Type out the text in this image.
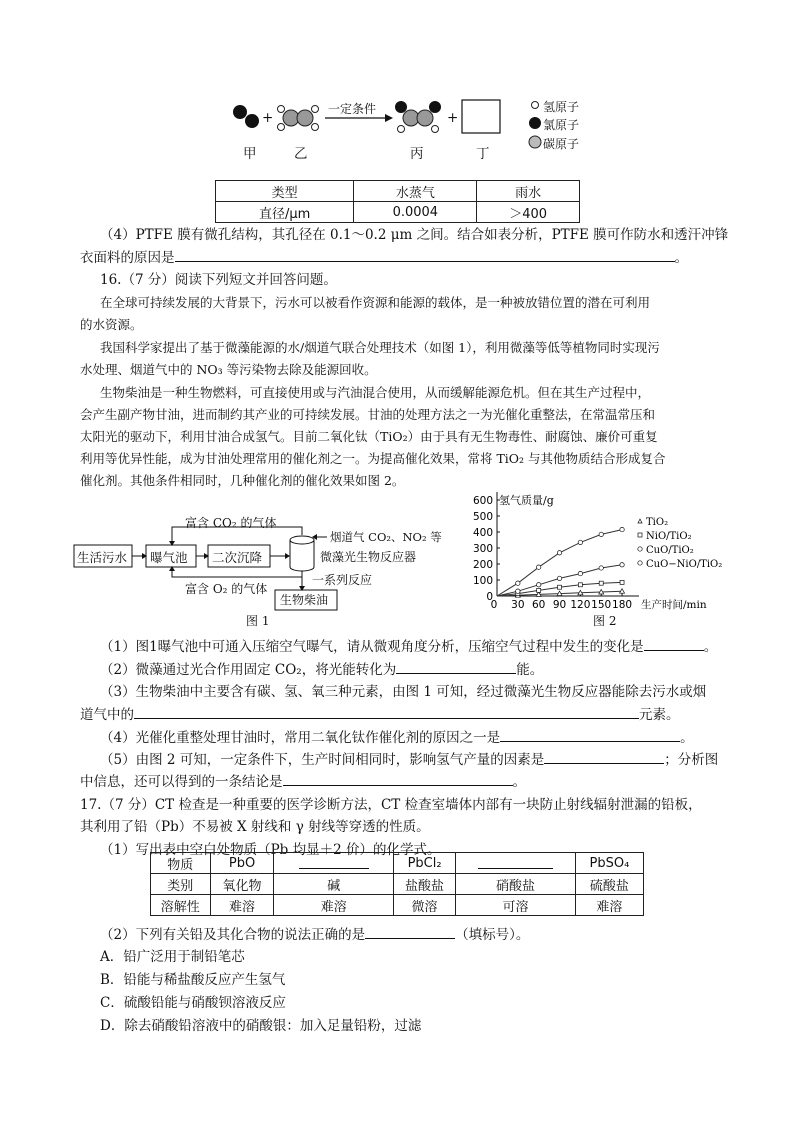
+	+
一定条件
甲	乙	丙	丁
氢原子
氯原子
碳原子
类型	水蒸气	雨水
直径/μm	0.0004	＞400
（4）PTFE 膜有微孔结构，其孔径在 0.1～0.2 μm 之间。结合如表分析，PTFE 膜可作防水和透汗冲锋
衣面料的原因是	。
16.（7 分）阅读下列短文并回答问题。
在全球可持续发展的大背景下，污水可以被看作资源和能源的载体，是一种被放错位置的潜在可利用
的水资源。
我国科学家提出了基于微藻能源的水/烟道气联合处理技术（如图 1），利用微藻等低等植物同时实现污
水处理、烟道气中的 NO₃ 等污染物去除及能源回收。
生物柴油是一种生物燃料，可直接使用或与汽油混合使用，从而缓解能源危机。但在其生产过程中，
会产生副产物甘油，进而制约其产业的可持续发展。甘油的处理方法之一为光催化重整法，在常温常压和
太阳光的驱动下，利用甘油合成氢气。目前二氧化钛（TiO₂）由于具有无生物毒性、耐腐蚀、廉价可重复
利用等优异性能，成为甘油处理常用的催化剂之一。为提高催化效果，常将 TiO₂ 与其他物质结合形成复合
催化剂。其他条件相同时，几种催化剂的催化效果如图 2。
生活污水 曝气池 二次沉降	微藻光生物反应器
生物柴油
富含 CO₂ 的气体
烟道气 CO₂、NO₂ 等
富含 O₂ 的气体
一系列反应
图 1
氢气质量/g
生产时间/min
0
100
200
300
400
500
600
30 60 90 120 150 180
0
TiO₂
NiO/TiO₂
CuO/TiO₂
CuO−NiO/TiO₂
图 2
（1）图1曝气池中可通入压缩空气曝气，请从微观角度分析，压缩空气过程中发生的变化是	。
（2）微藻通过光合作用固定 CO₂，将光能转化为	能。
（3）生物柴油中主要含有碳、氢、氧三种元素，由图 1 可知，经过微藻光生物反应器能除去污水或烟
道气中的	元素。
（4）光催化重整处理甘油时，常用二氧化钛作催化剂的原因之一是	。
（5）由图 2 可知，一定条件下，生产时间相同时，影响氢气产量的因素是	；分析图
中信息，还可以得到的一条结论是	。
17.（7 分）CT 检查是一种重要的医学诊断方法，CT 检查室墙体内部有一块防止射线辐射泄漏的铅板，
其利用了铅（Pb）不易被 X 射线和 γ 射线等穿透的性质。
（1）写出表中空白处物质（Pb 均显＋2 价）的化学式。
物质	PbO		PbCl₂		PbSO₄
类别	氧化物	碱	盐酸盐	硝酸盐	硫酸盐
溶解性	难溶	难溶	微溶	可溶	难溶
（2）下列有关铅及其化合物的说法正确的是	（填标号）。
A．铅广泛用于制铅笔芯
B．铅能与稀盐酸反应产生氢气
C．硫酸铅能与硝酸钡溶液反应
D．除去硝酸铅溶液中的硝酸银：加入足量铅粉，过滤
